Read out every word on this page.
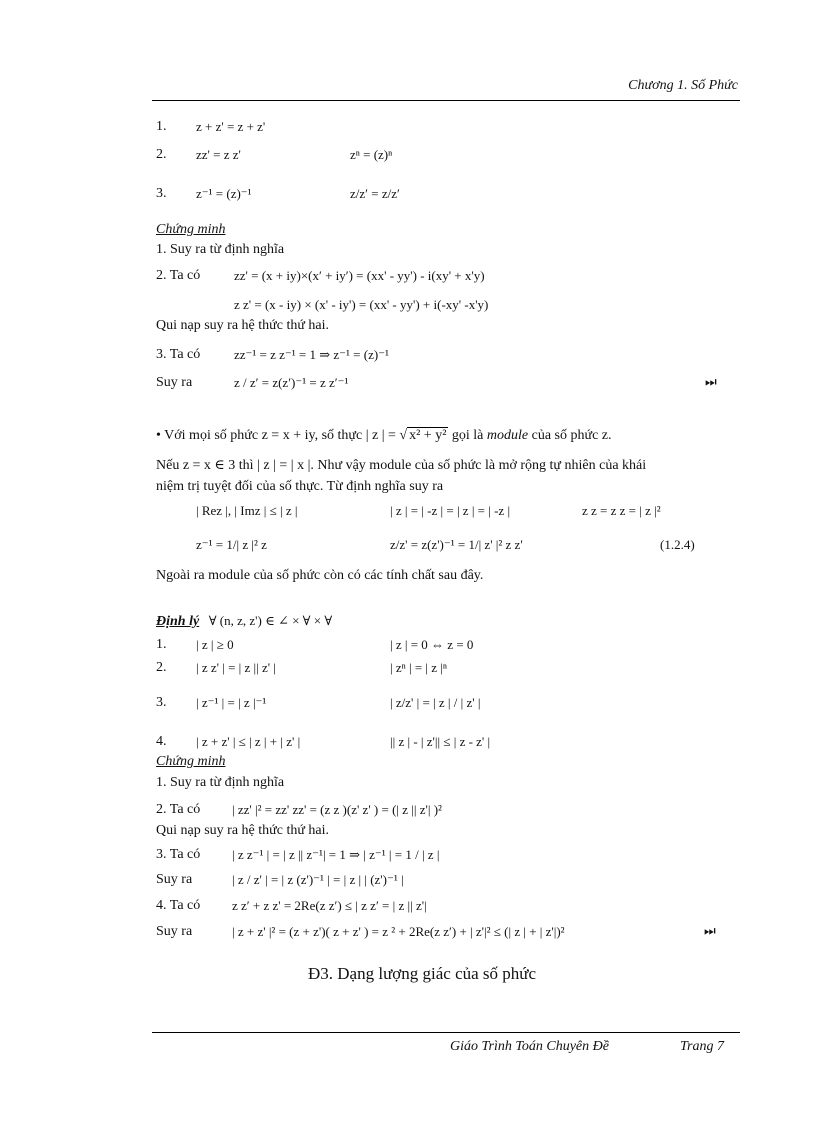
Chương 1. Số Phức
1. z + z' = z + z'
2. zz' = z z'	zⁿ = (z)ⁿ
3. z⁻¹ = (z)⁻¹	z/z′ = z/z′
Chứng minh
1. Suy ra từ định nghĩa
2. Ta có	zz' = (x + iy)×(x′ + iy′) = (xx' - yy') - i(xy' + x'y)
z z' = (x - iy) × (x' - iy') = (xx' - yy') + i(-xy' -x'y)
Qui nạp suy ra hệ thức thứ hai.
3. Ta có	zz⁻¹ = z z⁻¹ = 1 ⇒ z⁻¹ = (z)⁻¹
Suy ra	z / z′ = z(z′)⁻¹ = z z′⁻¹	⏭
• Với mọi số phức z = x + iy, số thực | z | = √ x² + y² gọi là module của số phức z.
Nếu z = x ∈ 3 thì | z | = | x |. Như vậy module của số phức là mở rộng tự nhiên của khái
niệm trị tuyệt đối của số thực. Từ định nghĩa suy ra
| Rez |, | Imz | ≤ | z |	| z | = | -z | = | z | = | -z |	z z = z z = | z |²
z⁻¹ = 1/| z |² z	z/z' = z(z')⁻¹ = 1/| z' |² z z'	(1.2.4)
Ngoài ra module của số phức còn có các tính chất sau đây.
Định lý ∀ (n, z, z') ∈ ∠ × ∀ × ∀
1. | z | ≥ 0	| z | = 0 ⇔ z = 0
2. | z z' | = | z || z' |	| zⁿ | = | z |ⁿ
3. | z⁻¹ | = | z |⁻¹	| z/z' | = | z | / | z' |
4. | z + z' | ≤ | z | + | z' |	|| z | - | z'|| ≤ | z - z' |
Chứng minh
1. Suy ra từ định nghĩa
2. Ta có | zz' |² = zz' zz' = (z z )(z' z' ) = (| z || z'| )²
Qui nạp suy ra hệ thức thứ hai.
3. Ta có | z z⁻¹ | = | z || z⁻¹| = 1 ⇒ | z⁻¹ | = 1 / | z |
Suy ra	| z / z' | = | z (z')⁻¹ | = | z | | (z')⁻¹ |
4. Ta có z z′ + z z' = 2Re(z z′) ≤ | z z′ = | z || z'|
Suy ra	| z + z' |² = (z + z')( z + z' ) = z ² + 2Re(z z′) + | z'|² ≤ (| z | + | z'|)²	⏭
Đ3. Dạng lượng giác của số phức
Giáo Trình Toán Chuyên Đề	Trang 7
